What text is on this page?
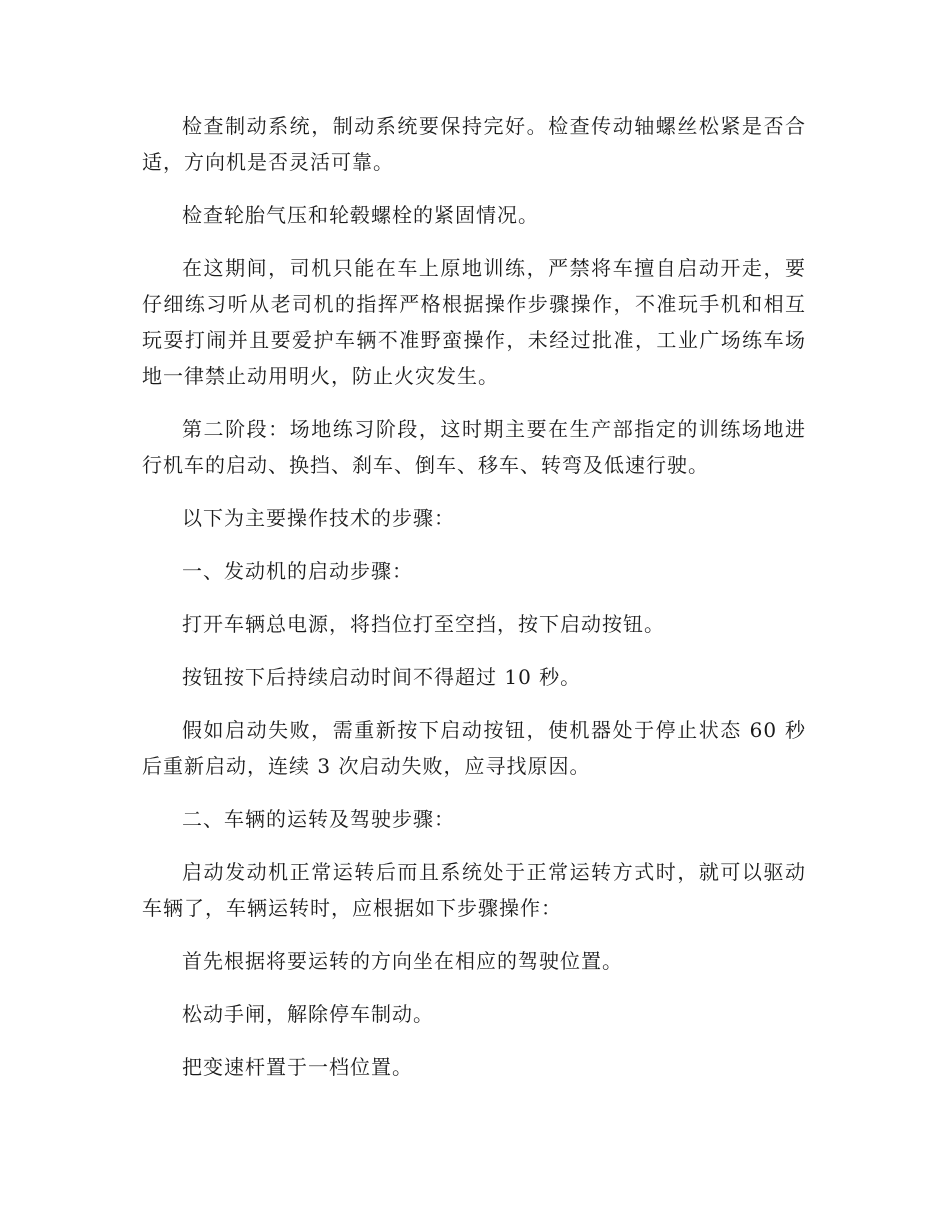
检查制动系统，制动系统要保持完好。检查传动轴螺丝松紧是否合适，方向机是否灵活可靠。

检查轮胎气压和轮毂螺栓的紧固情况。

在这期间，司机只能在车上原地训练，严禁将车擅自启动开走，要仔细练习听从老司机的指挥严格根据操作步骤操作，不准玩手机和相互玩耍打闹并且要爱护车辆不准野蛮操作，未经过批准，工业广场练车场地一律禁止动用明火，防止火灾发生。

第二阶段：场地练习阶段，这时期主要在生产部指定的训练场地进行机车的启动、换挡、刹车、倒车、移车、转弯及低速行驶。

以下为主要操作技术的步骤：

一、发动机的启动步骤：

打开车辆总电源，将挡位打至空挡，按下启动按钮。

按钮按下后持续启动时间不得超过 10 秒。

假如启动失败，需重新按下启动按钮，使机器处于停止状态 60 秒后重新启动，连续 3 次启动失败，应寻找原因。

二、车辆的运转及驾驶步骤：

启动发动机正常运转后而且系统处于正常运转方式时，就可以驱动车辆了，车辆运转时，应根据如下步骤操作：

首先根据将要运转的方向坐在相应的驾驶位置。

松动手闸，解除停车制动。

把变速杆置于一档位置。
